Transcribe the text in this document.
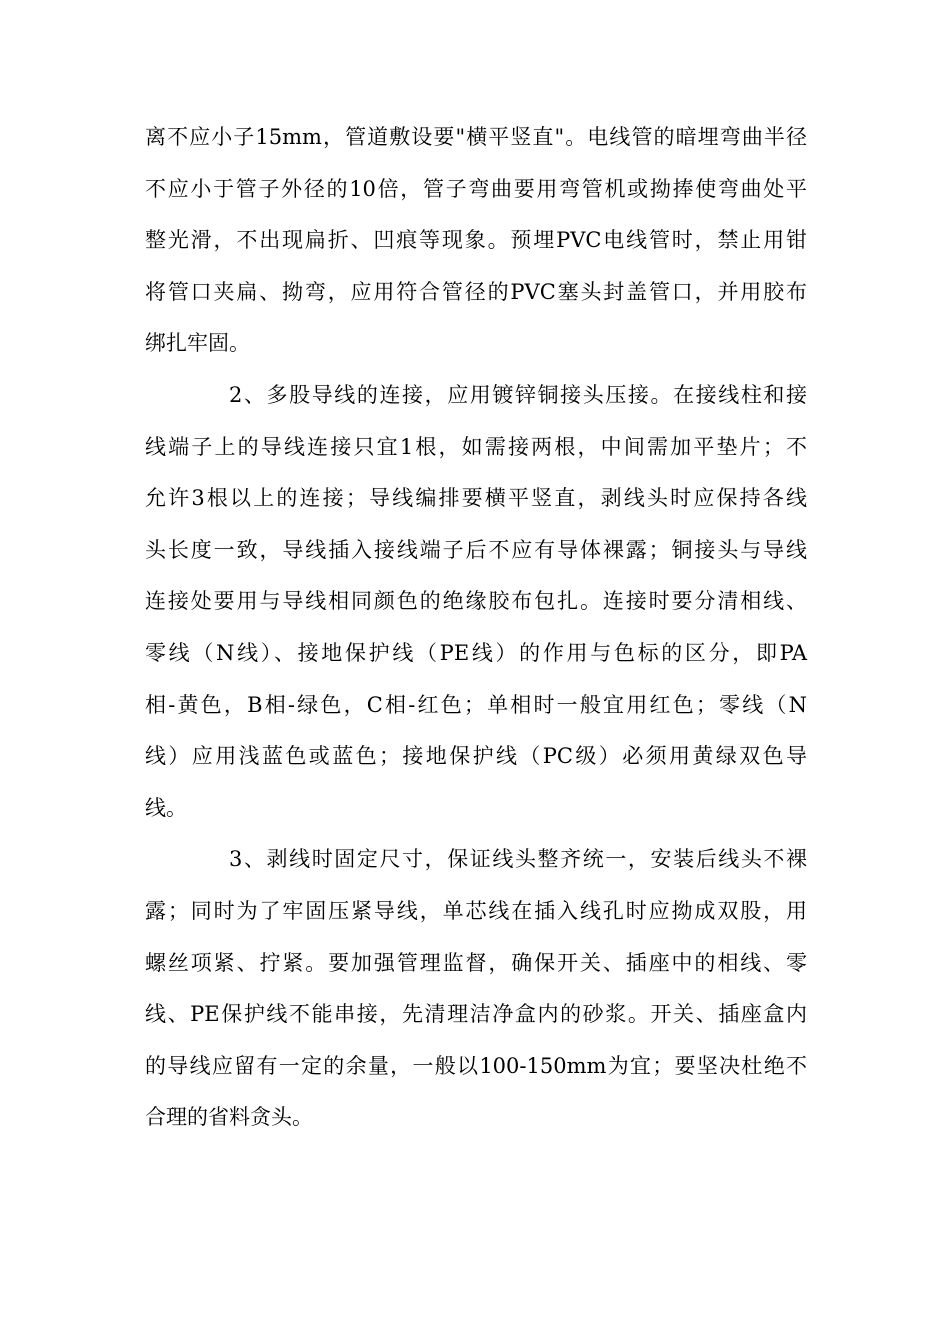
离不应小子15mm，管道敷设要"横平竖直"。电线管的暗埋弯曲半径
不应小于管子外径的10倍，管子弯曲要用弯管机或拗捧使弯曲处平
整光滑，不出现扁折、凹痕等现象。预埋PVC电线管时，禁止用钳
将管口夹扁、拗弯，应用符合管径的PVC塞头封盖管口，并用胶布
绑扎牢固。
2、多股导线的连接，应用镀锌铜接头压接。在接线柱和接
线端子上的导线连接只宜1根，如需接两根，中间需加平垫片；不
允许3根以上的连接；导线编排要横平竖直，剥线头时应保持各线
头长度一致，导线插入接线端子后不应有导体裸露；铜接头与导线
连接处要用与导线相同颜色的绝缘胶布包扎。连接时要分清相线、
零线（N线）、接地保护线（PE线）的作用与色标的区分，即PA
相-黄色，B相-绿色，C相-红色；单相时一般宜用红色；零线（N
线）应用浅蓝色或蓝色；接地保护线（PC级）必须用黄绿双色导
线。
3、剥线时固定尺寸，保证线头整齐统一，安装后线头不裸
露；同时为了牢固压紧导线，单芯线在插入线孔时应拗成双股，用
螺丝项紧、拧紧。要加强管理监督，确保开关、插座中的相线、零
线、PE保护线不能串接，先清理洁净盒内的砂浆。开关、插座盒内
的导线应留有一定的余量，一般以100-150mm为宜；要坚决杜绝不
合理的省料贪头。
